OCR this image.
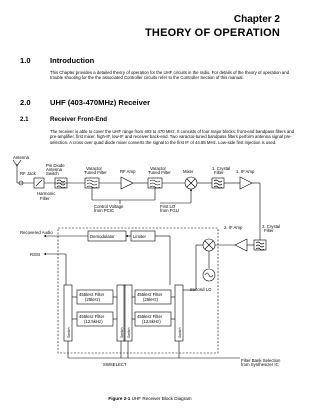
Chapter 2
THEORY OF OPERATION
1.0	Introduction
This Chapter provides a detailed theory of operation for the UHF circuits in the radio. For details of the theory of operation and trouble shooting for the the associated Controller circuits refer to the Controller Section of this manual.
2.0	UHF (403-470MHz) Receiver
2.1	Receiver Front-End
The receiver is able to cover the UHF range from 403 to 470 MHz. It consists of four major blocks: front-end bandpass filters and pre-amplifier, first mixer, high-IF, low-IF and receiver back-end. Two varactor-tuned bandpass filters perform antenna signal pre-selection. A cross over quad diode mixer converts the signal to the first IF of 44.85 MHz. Low-side first injection is used.
Antenna
RF Jack
Pin Diode
Antenna
Switch
Harmonic
Filter
Varactor
Tuned Filter	RF Amp
Varactor
Tuned Filter	Mixer
1. Crystal
Filter	1. IF Amp
Control Voltage
from PCIC
First LO
from FGU
2. IF Amp	2. Crystal
Filter
Recovered Audio
Demodulator	Limiter
RSSI
Second LO
455kHz Filter
(25kHz)
455kHz Filter
(12.5kHz)
455kHz Filter
(25kHz)
455kHz Filter
(12.5kHz)
Switch	Switch Switch	Switch
SWSELECT
Filter Bank Selection
from Synthesizer IC
Figure 2-1 UHF Receiver Block Diagram
